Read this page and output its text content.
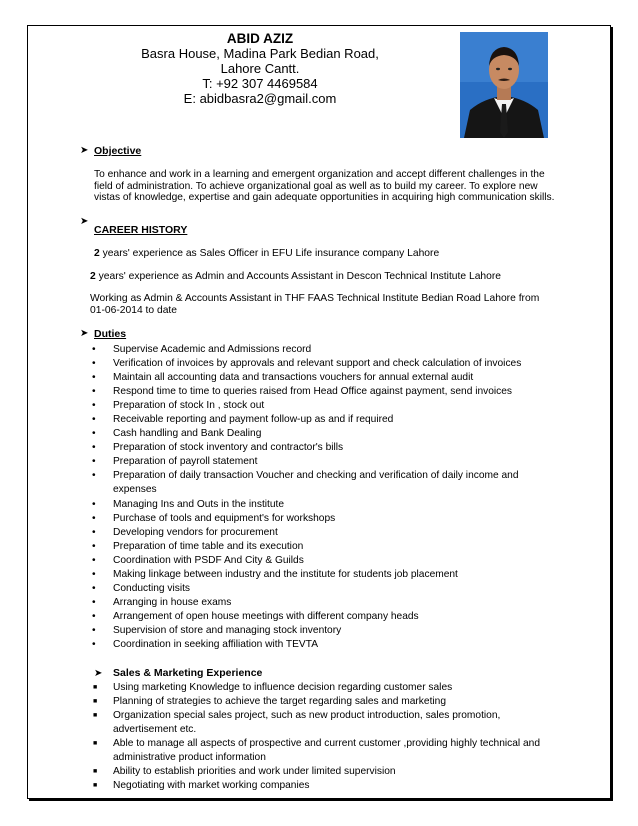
ABID AZIZ
Basra House, Madina Park Bedian Road,
Lahore Cantt.
T: +92 307 4469584
E: abidbasra2@gmail.com
➤ Objective
To enhance and work in a learning and emergent organization and accept different challenges in the field of administration. To achieve organizational goal as well as to build my career. To explore new vistas of knowledge, expertise and gain adequate opportunities in acquiring high communication skills.
➤
CAREER HISTORY
2 years' experience as Sales Officer in EFU Life insurance company Lahore
2 years' experience as Admin and Accounts Assistant in Descon Technical Institute Lahore
Working as Admin & Accounts Assistant in THF FAAS Technical Institute Bedian Road Lahore from
01-06-2014 to date
➤ Duties
• Supervise Academic and Admissions record
• Verification of invoices by approvals and relevant support and check calculation of invoices
• Maintain all accounting data and transactions vouchers for annual external audit
• Respond time to time to queries raised from Head Office against payment, send invoices
• Preparation of stock In , stock out
• Receivable reporting and payment follow-up as and if required
• Cash handling and Bank Dealing
• Preparation of stock inventory and contractor's bills
• Preparation of payroll statement
• Preparation of daily transaction Voucher and checking and verification of daily income and expenses
• Managing Ins and Outs in the institute
• Purchase of tools and equipment's for workshops
• Developing vendors for procurement
• Preparation of time table and its execution
• Coordination with PSDF And City & Guilds
• Making linkage between industry and the institute for students job placement
• Conducting visits
• Arranging in house exams
• Arrangement of open house meetings with different company heads
• Supervision of store and managing stock inventory
• Coordination in seeking affiliation with TEVTA
➤ Sales & Marketing Experience
■ Using marketing Knowledge to influence decision regarding customer sales
■ Planning of strategies to achieve the target regarding sales and marketing
■ Organization special sales project, such as new product introduction, sales promotion, advertisement etc.
■ Able to manage all aspects of prospective and current customer ,providing highly technical and administrative product information
■ Ability to establish priorities and work under limited supervision
■ Negotiating with market working companies
